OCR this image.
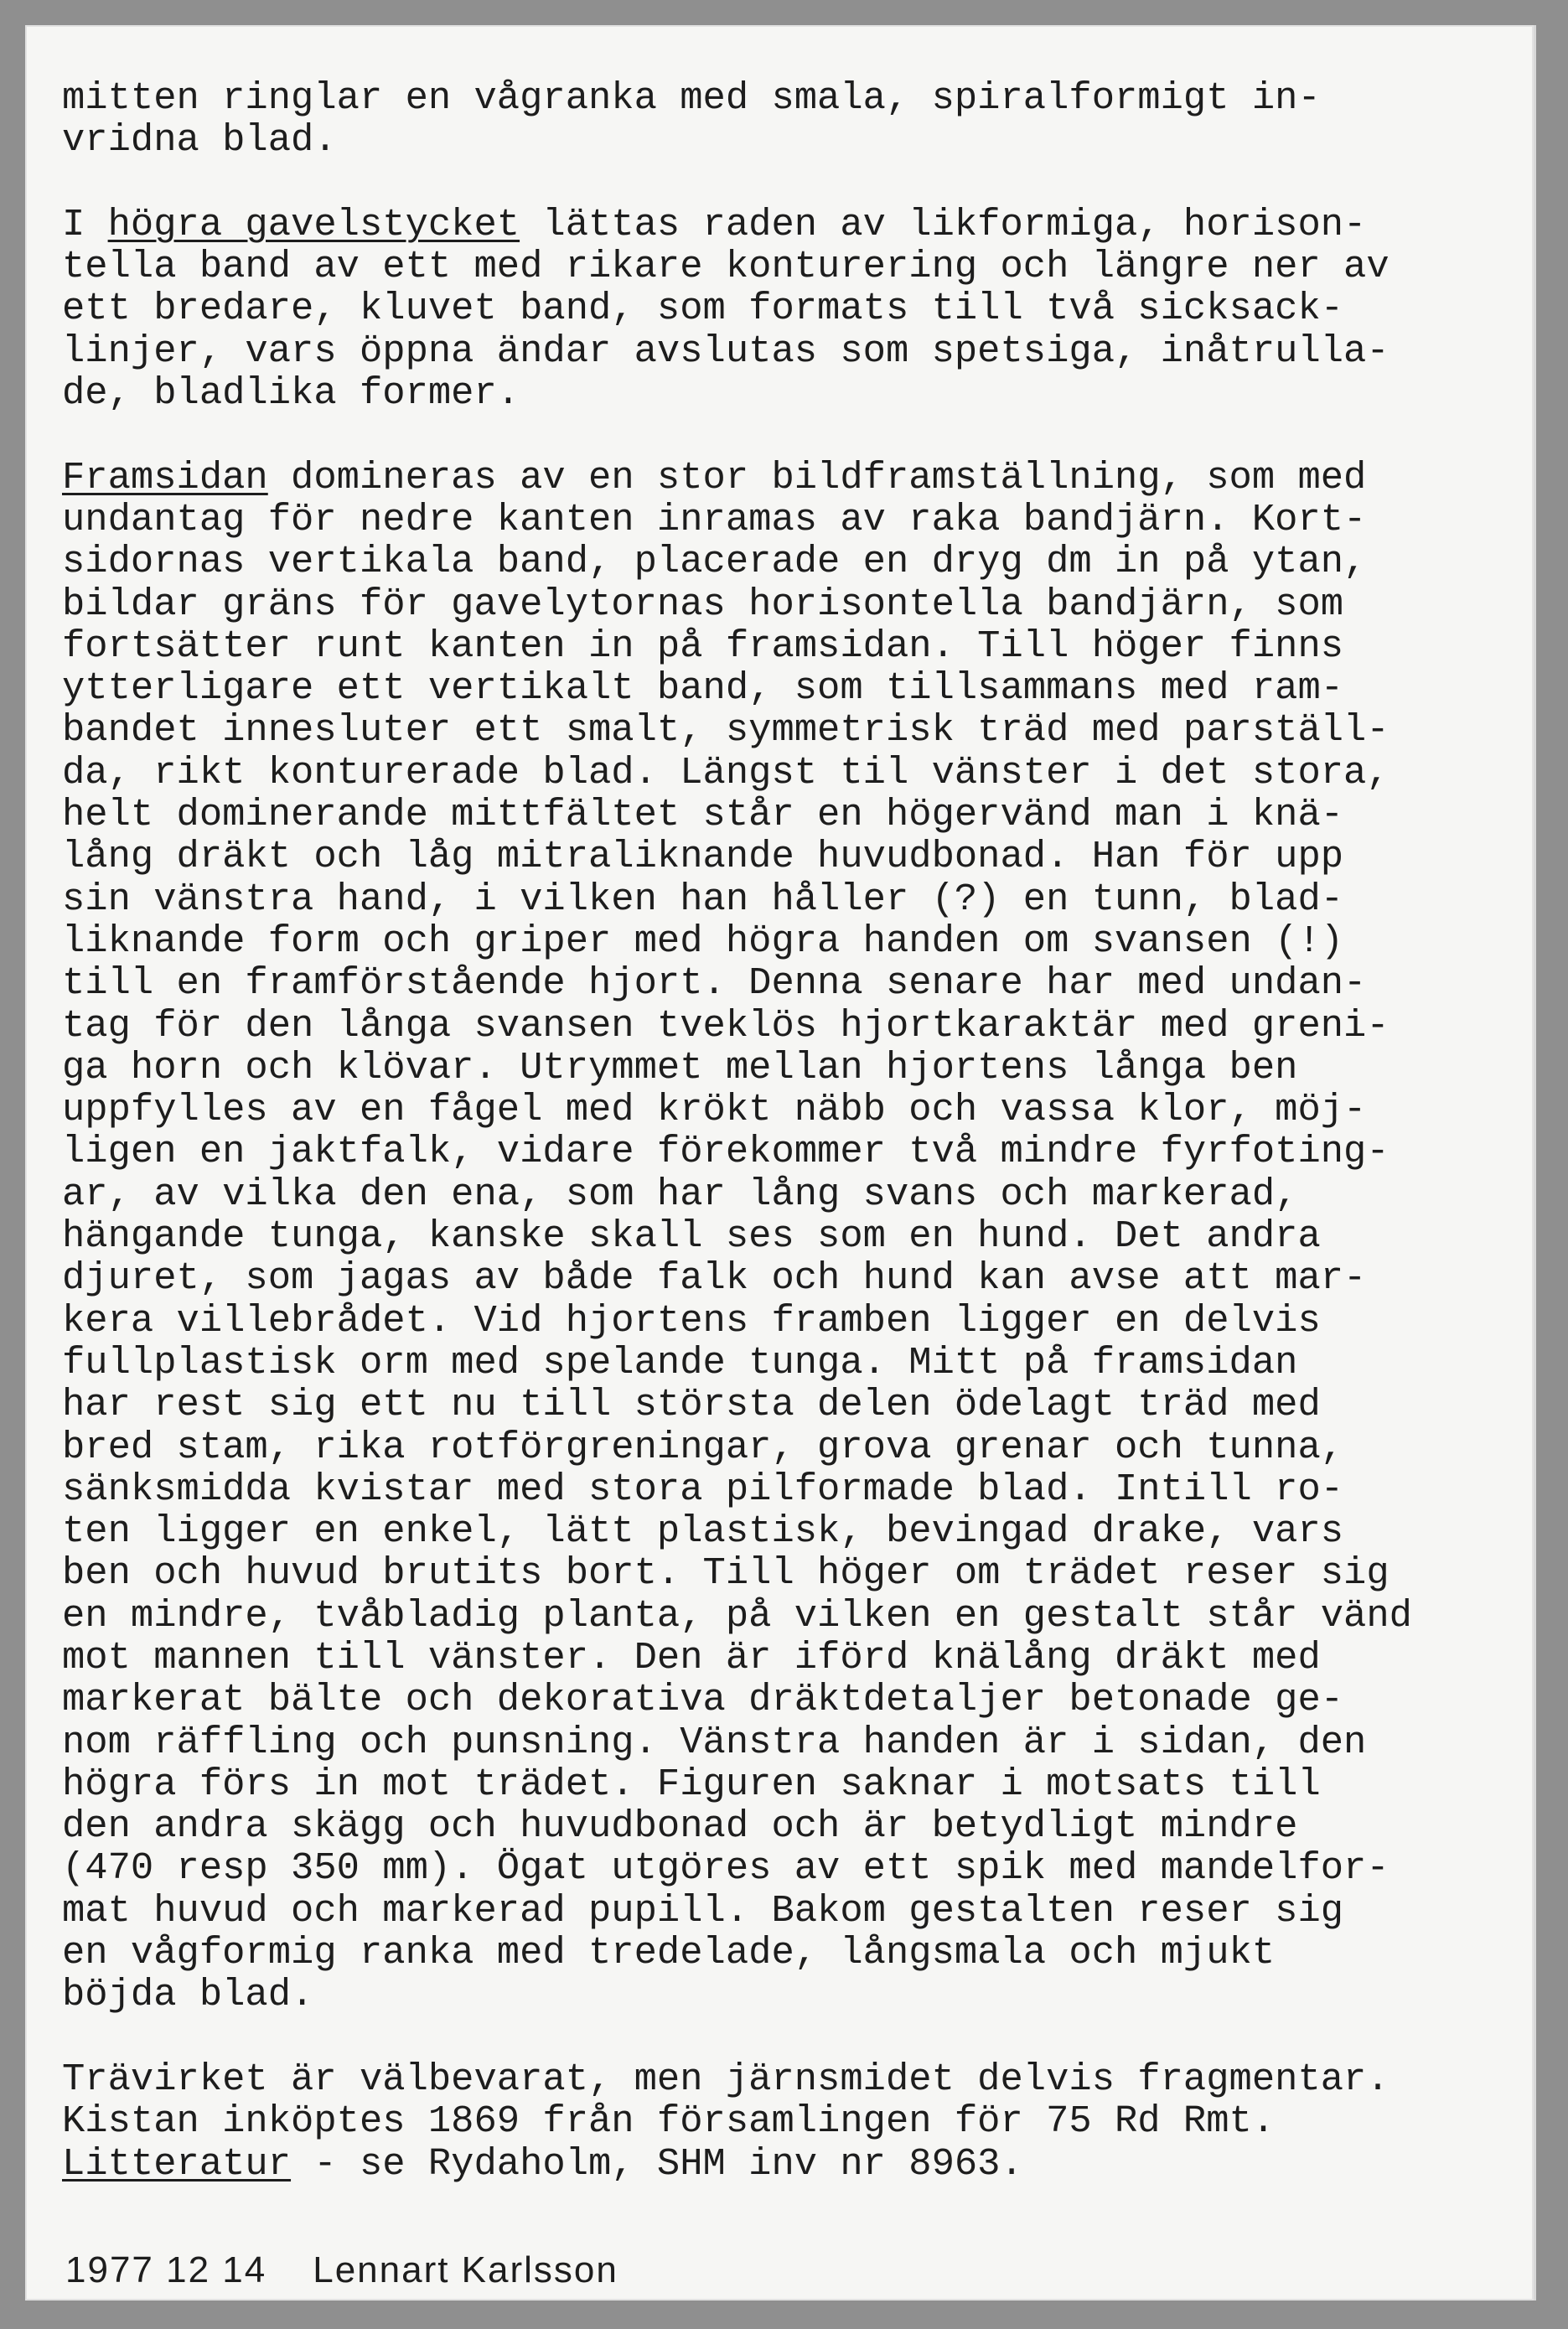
mitten ringlar en vågranka med smala, spiralformigt in-
vridna blad.
I högra gavelstycket lättas raden av likformiga, horison-
tella band av ett med rikare konturering och längre ner av
ett bredare, kluvet band, som formats till två sicksack-
linjer, vars öppna ändar avslutas som spetsiga, inåtrulla-
de, bladlika former.
Framsidan domineras av en stor bildframställning, som med
undantag för nedre kanten inramas av raka bandjärn. Kort-
sidornas vertikala band, placerade en dryg dm in på ytan,
bildar gräns för gavelytornas horisontella bandjärn, som
fortsätter runt kanten in på framsidan. Till höger finns
ytterligare ett vertikalt band, som tillsammans med ram-
bandet innesluter ett smalt, symmetrisk träd med parställ-
da, rikt konturerade blad. Längst til vänster i det stora,
helt dominerande mittfältet står en högervänd man i knä-
lång dräkt och låg mitraliknande huvudbonad. Han för upp
sin vänstra hand, i vilken han håller (?) en tunn, blad-
liknande form och griper med högra handen om svansen (!)
till en framförstående hjort. Denna senare har med undan-
tag för den långa svansen tveklös hjortkaraktär med greni-
ga horn och klövar. Utrymmet mellan hjortens långa ben
uppfylles av en fågel med krökt näbb och vassa klor, möj-
ligen en jaktfalk, vidare förekommer två mindre fyrfoting-
ar, av vilka den ena, som har lång svans och markerad,
hängande tunga, kanske skall ses som en hund. Det andra
djuret, som jagas av både falk och hund kan avse att mar-
kera villebrådet. Vid hjortens framben ligger en delvis
fullplastisk orm med spelande tunga. Mitt på framsidan
har rest sig ett nu till största delen ödelagt träd med
bred stam, rika rotförgreningar, grova grenar och tunna,
sänksmidda kvistar med stora pilformade blad. Intill ro-
ten ligger en enkel, lätt plastisk, bevingad drake, vars
ben och huvud brutits bort. Till höger om trädet reser sig
en mindre, tvåbladig planta, på vilken en gestalt står vänd
mot mannen till vänster. Den är iförd knälång dräkt med
markerat bälte och dekorativa dräktdetaljer betonade ge-
nom räffling och punsning. Vänstra handen är i sidan, den
högra förs in mot trädet. Figuren saknar i motsats till
den andra skägg och huvudbonad och är betydligt mindre
(470 resp 350 mm). Ögat utgöres av ett spik med mandelfor-
mat huvud och markerad pupill. Bakom gestalten reser sig
en vågformig ranka med tredelade, långsmala och mjukt
böjda blad.
Trävirket är välbevarat, men järnsmidet delvis fragmentar.
Kistan inköptes 1869 från församlingen för 75 Rd Rmt.
Litteratur - se Rydaholm, SHM inv nr 8963.
1977 12 14 Lennart Karlsson
